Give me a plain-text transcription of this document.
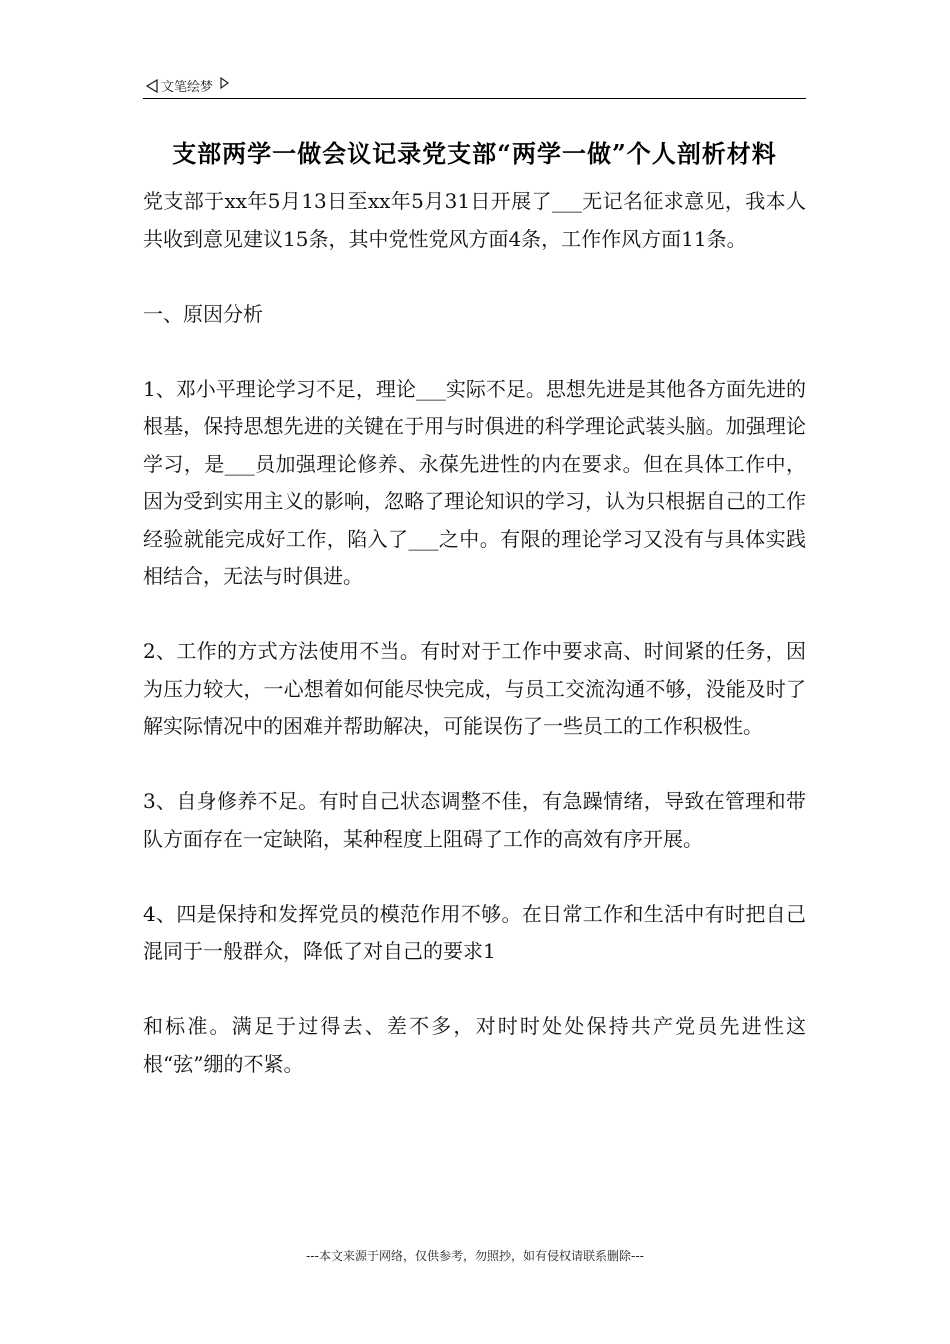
文笔绘梦
支部两学一做会议记录党支部“两学一做”个人剖析材料

党支部于xx年5月13日至xx年5月31日开展了___无记名征求意见，我本人共收到意见建议15条，其中党性党风方面4条，工作作风方面11条。

一、原因分析

1、邓小平理论学习不足，理论___实际不足。思想先进是其他各方面先进的根基，保持思想先进的关键在于用与时俱进的科学理论武装头脑。加强理论学习，是___员加强理论修养、永葆先进性的内在要求。但在具体工作中，因为受到实用主义的影响，忽略了理论知识的学习，认为只根据自己的工作经验就能完成好工作，陷入了___之中。有限的理论学习又没有与具体实践相结合，无法与时俱进。

2、工作的方式方法使用不当。有时对于工作中要求高、时间紧的任务，因为压力较大，一心想着如何能尽快完成，与员工交流沟通不够，没能及时了解实际情况中的困难并帮助解决，可能误伤了一些员工的工作积极性。

3、自身修养不足。有时自己状态调整不佳，有急躁情绪，导致在管理和带队方面存在一定缺陷，某种程度上阻碍了工作的高效有序开展。

4、四是保持和发挥党员的模范作用不够。在日常工作和生活中有时把自己混同于一般群众，降低了对自己的要求1

和标准。满足于过得去、差不多，对时时处处保持共产党员先进性这根“弦”绷的不紧。

---本文来源于网络，仅供参考，勿照抄，如有侵权请联系删除---
